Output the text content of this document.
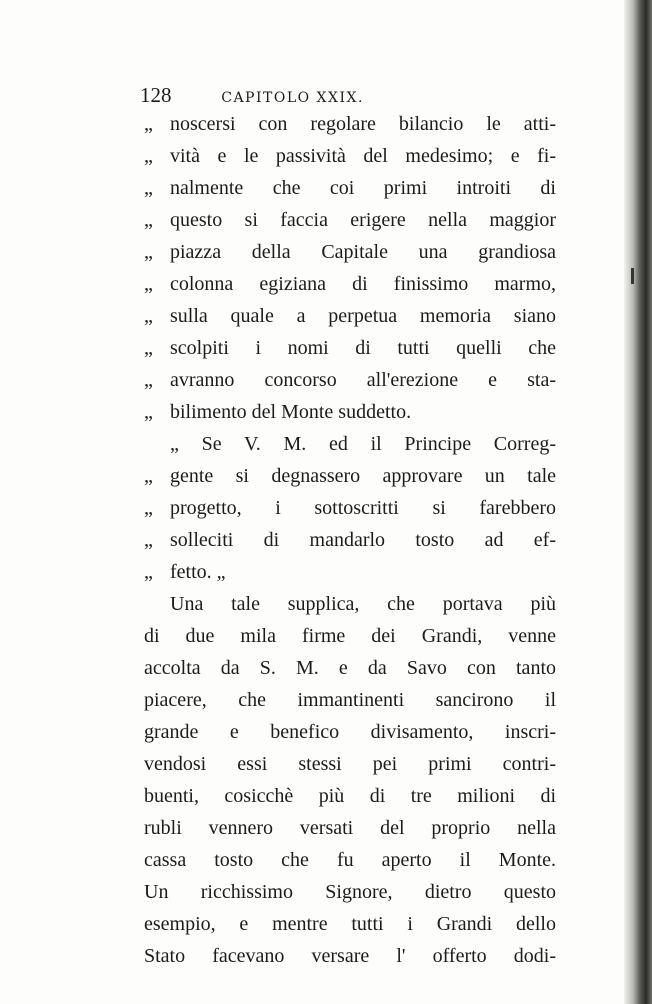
128	CAPITOLO XXIX.
„ noscersi con regolare bilancio le atti-
„ vità e le passività del medesimo; e fi-
„ nalmente che coi primi introiti di
„ questo si faccia erigere nella maggior
„ piazza della Capitale una grandiosa
„ colonna egiziana di finissimo marmo,
„ sulla quale a perpetua memoria siano
„ scolpiti i nomi di tutti quelli che
„ avranno concorso all'erezione e sta-
„ bilimento del Monte suddetto.
„ Se V. M. ed il Principe Correg-
„ gente si degnassero approvare un tale
„ progetto, i sottoscritti si farebbero
„ solleciti di mandarlo tosto ad ef-
„ fetto. „
Una tale supplica, che portava più
di due mila firme dei Grandi, venne
accolta da S. M. e da Savo con tanto
piacere, che immantinenti sancirono il
grande e benefico divisamento, inscri-
vendosi essi stessi pei primi contri-
buenti, cosicchè più di tre milioni di
rubli vennero versati del proprio nella
cassa tosto che fu aperto il Monte.
Un ricchissimo Signore, dietro questo
esempio, e mentre tutti i Grandi dello
Stato facevano versare l' offerto dodi-
